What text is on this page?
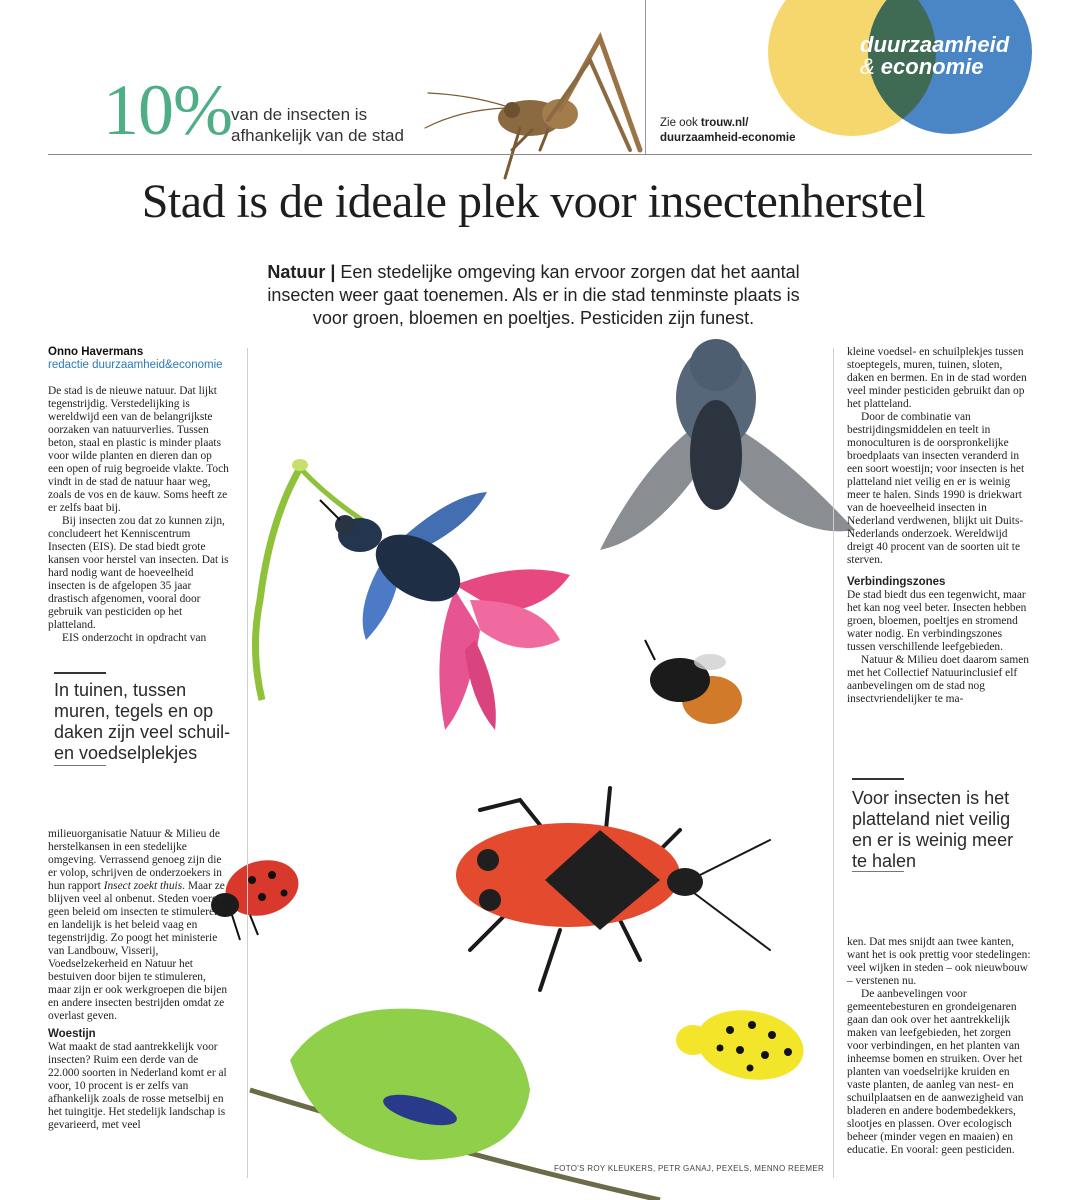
10% van de insecten is afhankelijk van de stad
Zie ook trouw.nl/
duurzaamheid-economie
duurzaamheid
& economie
Stad is de ideale plek voor insectenherstel
Natuur | Een stedelijke omgeving kan ervoor zorgen dat het aantal insecten weer gaat toenemen. Als er in die stad tenminste plaats is voor groen, bloemen en poeltjes. Pesticiden zijn funest.
Onno Havermans
redactie duurzaamheid&economie

De stad is de nieuwe natuur. Dat lijkt tegenstrijdig. Verstedelijking is wereldwijd een van de belangrijkste oorzaken van natuurverlies. Tussen beton, staal en plastic is minder plaats voor wilde planten en dieren dan op een open of ruig begroeide vlakte. Toch vindt in de stad de natuur haar weg, zoals de vos en de kauw. Soms heeft ze er zelfs baat bij.

Bij insecten zou dat zo kunnen zijn, concludeert het Kenniscentrum Insecten (EIS). De stad biedt grote kansen voor herstel van insecten. Dat is hard nodig want de hoeveelheid insecten is de afgelopen 35 jaar drastisch afgenomen, vooral door gebruik van pesticiden op het platteland.

EIS onderzocht in opdracht van

In tuinen, tussen muren, tegels en op daken zijn veel schuil- en voedselplekjes

milieuorganisatie Natuur & Milieu de herstelkansen in een stedelijke omgeving. Verrassend genoeg zijn die er volop, schrijven de onderzoekers in hun rapport Insect zoekt thuis. Maar ze blijven veel al onbenut. Steden voeren geen beleid om insecten te stimuleren en landelijk is het beleid vaag en tegenstrijdig. Zo poogt het ministerie van Landbouw, Visserij, Voedselzekerheid en Natuur het bestuiven door bijen te stimuleren, maar zijn er ook werkgroepen die bijen en andere insecten bestrijden omdat ze overlast geven.

Woestijn

Wat maakt de stad aantrekkelijk voor insecten? Ruim een derde van de 22.000 soorten in Nederland komt er al voor, 10 procent is er zelfs van afhankelijk zoals de rosse metselbij en het tuingitje. Het stedelijk landschap is gevarieerd, met veel

kleine voedsel- en schuilplekjes tussen stoeptegels, muren, tuinen, sloten, daken en bermen. En in de stad worden veel minder pesticiden gebruikt dan op het platteland.

Door de combinatie van bestrijdingsmiddelen en teelt in monoculturen is de oorspronkelijke broedplaats van insecten veranderd in een soort woestijn; voor insecten is het platteland niet veilig en er is weinig meer te halen. Sinds 1990 is driekwart van de hoeveelheid insecten in Nederland verdwenen, blijkt uit Duits-Nederlands onderzoek. Wereldwijd dreigt 40 procent van de soorten uit te sterven.

Verbindingszones

De stad biedt dus een tegenwicht, maar het kan nog veel beter. Insecten hebben groen, bloemen, poeltjes en stromend water nodig. En verbindingszones tussen verschillende leefgebieden.

Natuur & Milieu doet daarom samen met het Collectief Natuurinclusief elf aanbevelingen om de stad nog insectvriendelijker te ma-

Voor insecten is het platteland niet veilig en er is weinig meer te halen

ken. Dat mes snijdt aan twee kanten, want het is ook prettig voor stedelingen: veel wijken in steden – ook nieuwbouw – verstenen nu.

De aanbevelingen voor gemeentebesturen en grondeigenaren gaan dan ook over het aantrekkelijk maken van leefgebieden, het zorgen voor verbindingen, en het planten van inheemse bomen en struiken. Over het planten van voedselrijke kruiden en vaste planten, de aanleg van nest- en schuilplaatsen en de aanwezigheid van bladeren en andere bodembedekkers, slootjes en plassen. Over ecologisch beheer (minder vegen en maaien) en educatie. En vooral: geen pesticiden.

FOTO'S ROY KLEUKERS, PETR GANAJ, PEXELS, MENNO REEMER
